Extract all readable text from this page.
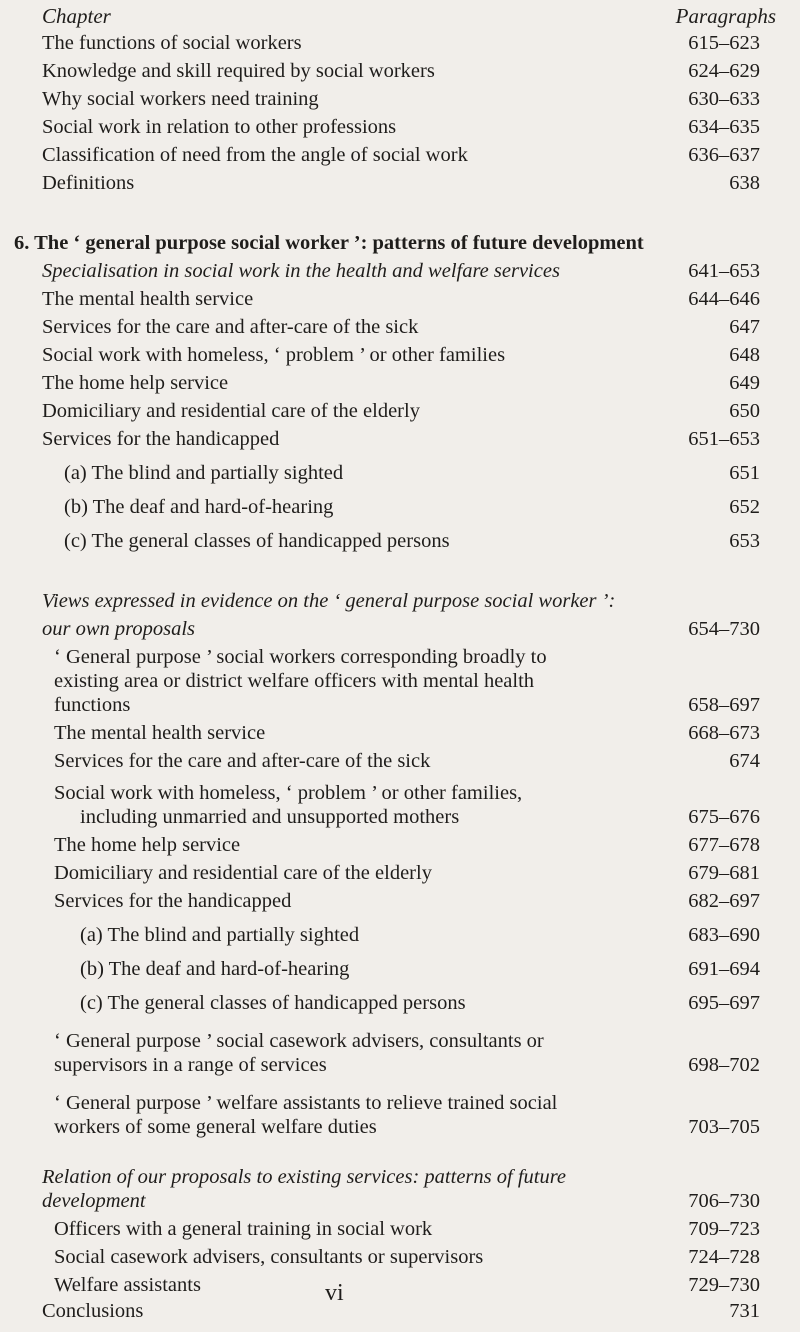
Chapter	Paragraphs
The functions of social workers	615–623
Knowledge and skill required by social workers	624–629
Why social workers need training	630–633
Social work in relation to other professions	634–635
Classification of need from the angle of social work	636–637
Definitions	638
6. The ‘ general purpose social worker ’: patterns of future development
Specialisation in social work in the health and welfare services	641–653
The mental health service	644–646
Services for the care and after-care of the sick	647
Social work with homeless, ‘ problem ’ or other families	648
The home help service	649
Domiciliary and residential care of the elderly	650
Services for the handicapped	651–653
(a) The blind and partially sighted	651
(b) The deaf and hard-of-hearing	652
(c) The general classes of handicapped persons	653
Views expressed in evidence on the ‘ general purpose social worker ’:
our own proposals	654–730
‘ General purpose ’ social workers corresponding broadly to
existing area or district welfare officers with mental health
functions	658–697
The mental health service	668–673
Services for the care and after-care of the sick	674
Social work with homeless, ‘ problem ’ or other families,
including unmarried and unsupported mothers	675–676
The home help service	677–678
Domiciliary and residential care of the elderly	679–681
Services for the handicapped	682–697
(a) The blind and partially sighted	683–690
(b) The deaf and hard-of-hearing	691–694
(c) The general classes of handicapped persons	695–697
‘ General purpose ’ social casework advisers, consultants or
supervisors in a range of services	698–702
‘ General purpose ’ welfare assistants to relieve trained social
workers of some general welfare duties	703–705
Relation of our proposals to existing services: patterns of future
development	706–730
Officers with a general training in social work	709–723
Social casework advisers, consultants or supervisors	724–728
Welfare assistants	729–730
Conclusions	731
vi
